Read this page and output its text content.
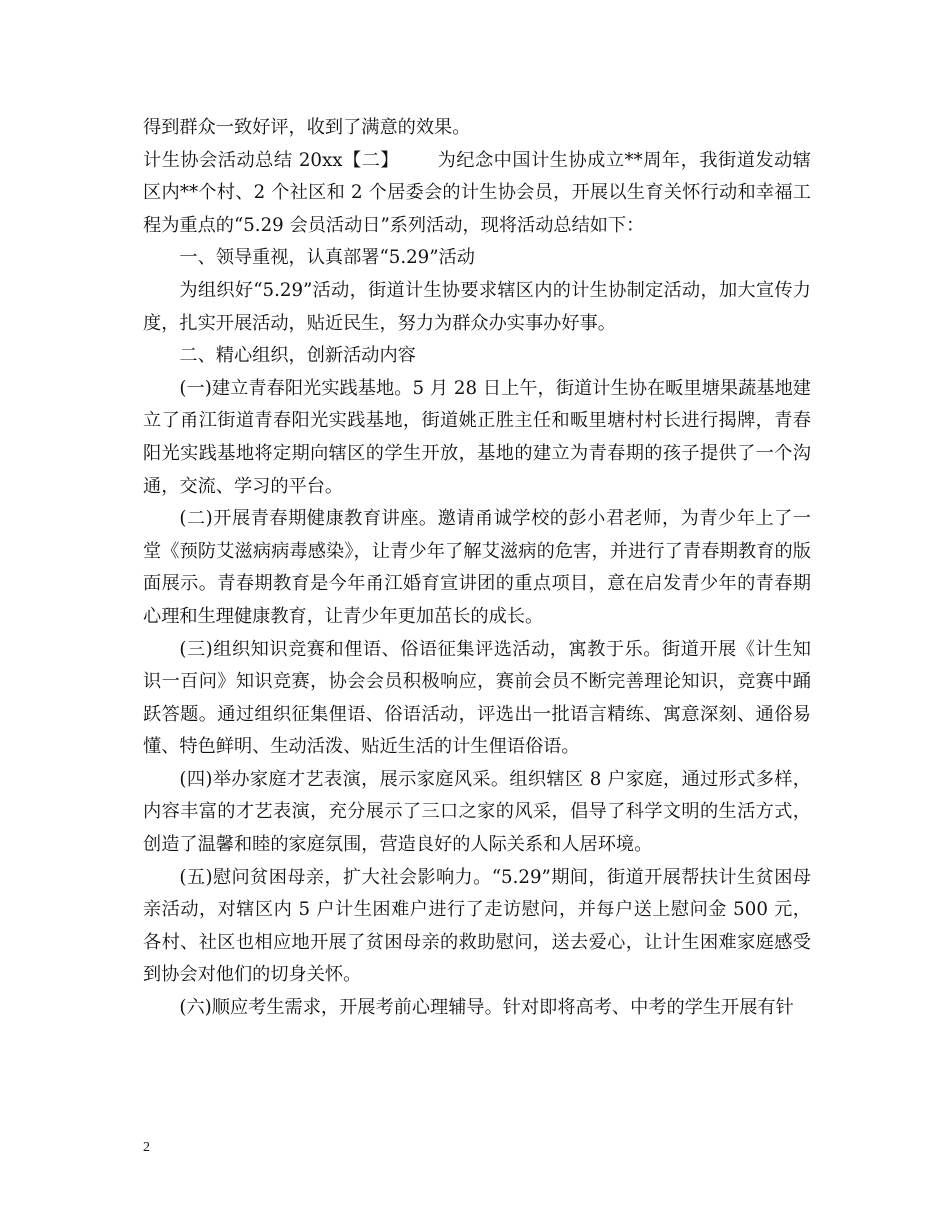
得到群众一致好评，收到了满意的效果。

计生协会活动总结 20xx【二】 为纪念中国计生协成立**周年，我街道发动辖区内**个村、2 个社区和 2 个居委会的计生协会员，开展以生育关怀行动和幸福工程为重点的“5.29 会员活动日”系列活动，现将活动总结如下：

一、领导重视，认真部署“5.29”活动

为组织好“5.29”活动，街道计生协要求辖区内的计生协制定活动，加大宣传力度，扎实开展活动，贴近民生，努力为群众办实事办好事。

二、精心组织，创新活动内容

(一)建立青春阳光实践基地。5 月 28 日上午，街道计生协在畈里塘果蔬基地建立了甬江街道青春阳光实践基地，街道姚正胜主任和畈里塘村村长进行揭牌，青春阳光实践基地将定期向辖区的学生开放，基地的建立为青春期的孩子提供了一个沟通，交流、学习的平台。

(二)开展青春期健康教育讲座。邀请甬诚学校的彭小君老师，为青少年上了一堂《预防艾滋病病毒感染》，让青少年了解艾滋病的危害，并进行了青春期教育的版面展示。青春期教育是今年甬江婚育宣讲团的重点项目，意在启发青少年的青春期心理和生理健康教育，让青少年更加茁长的成长。

(三)组织知识竞赛和俚语、俗语征集评选活动，寓教于乐。街道开展《计生知识一百问》知识竞赛，协会会员积极响应，赛前会员不断完善理论知识，竞赛中踊跃答题。通过组织征集俚语、俗语活动，评选出一批语言精练、寓意深刻、通俗易懂、特色鲜明、生动活泼、贴近生活的计生俚语俗语。

(四)举办家庭才艺表演，展示家庭风采。组织辖区 8 户家庭，通过形式多样，内容丰富的才艺表演，充分展示了三口之家的风采，倡导了科学文明的生活方式，创造了温馨和睦的家庭氛围，营造良好的人际关系和人居环境。

(五)慰问贫困母亲，扩大社会影响力。“5.29”期间，街道开展帮扶计生贫困母亲活动，对辖区内 5 户计生困难户进行了走访慰问，并每户送上慰问金 500 元，各村、社区也相应地开展了贫困母亲的救助慰问，送去爱心，让计生困难家庭感受到协会对他们的切身关怀。

(六)顺应考生需求，开展考前心理辅导。针对即将高考、中考的学生开展有针

2
